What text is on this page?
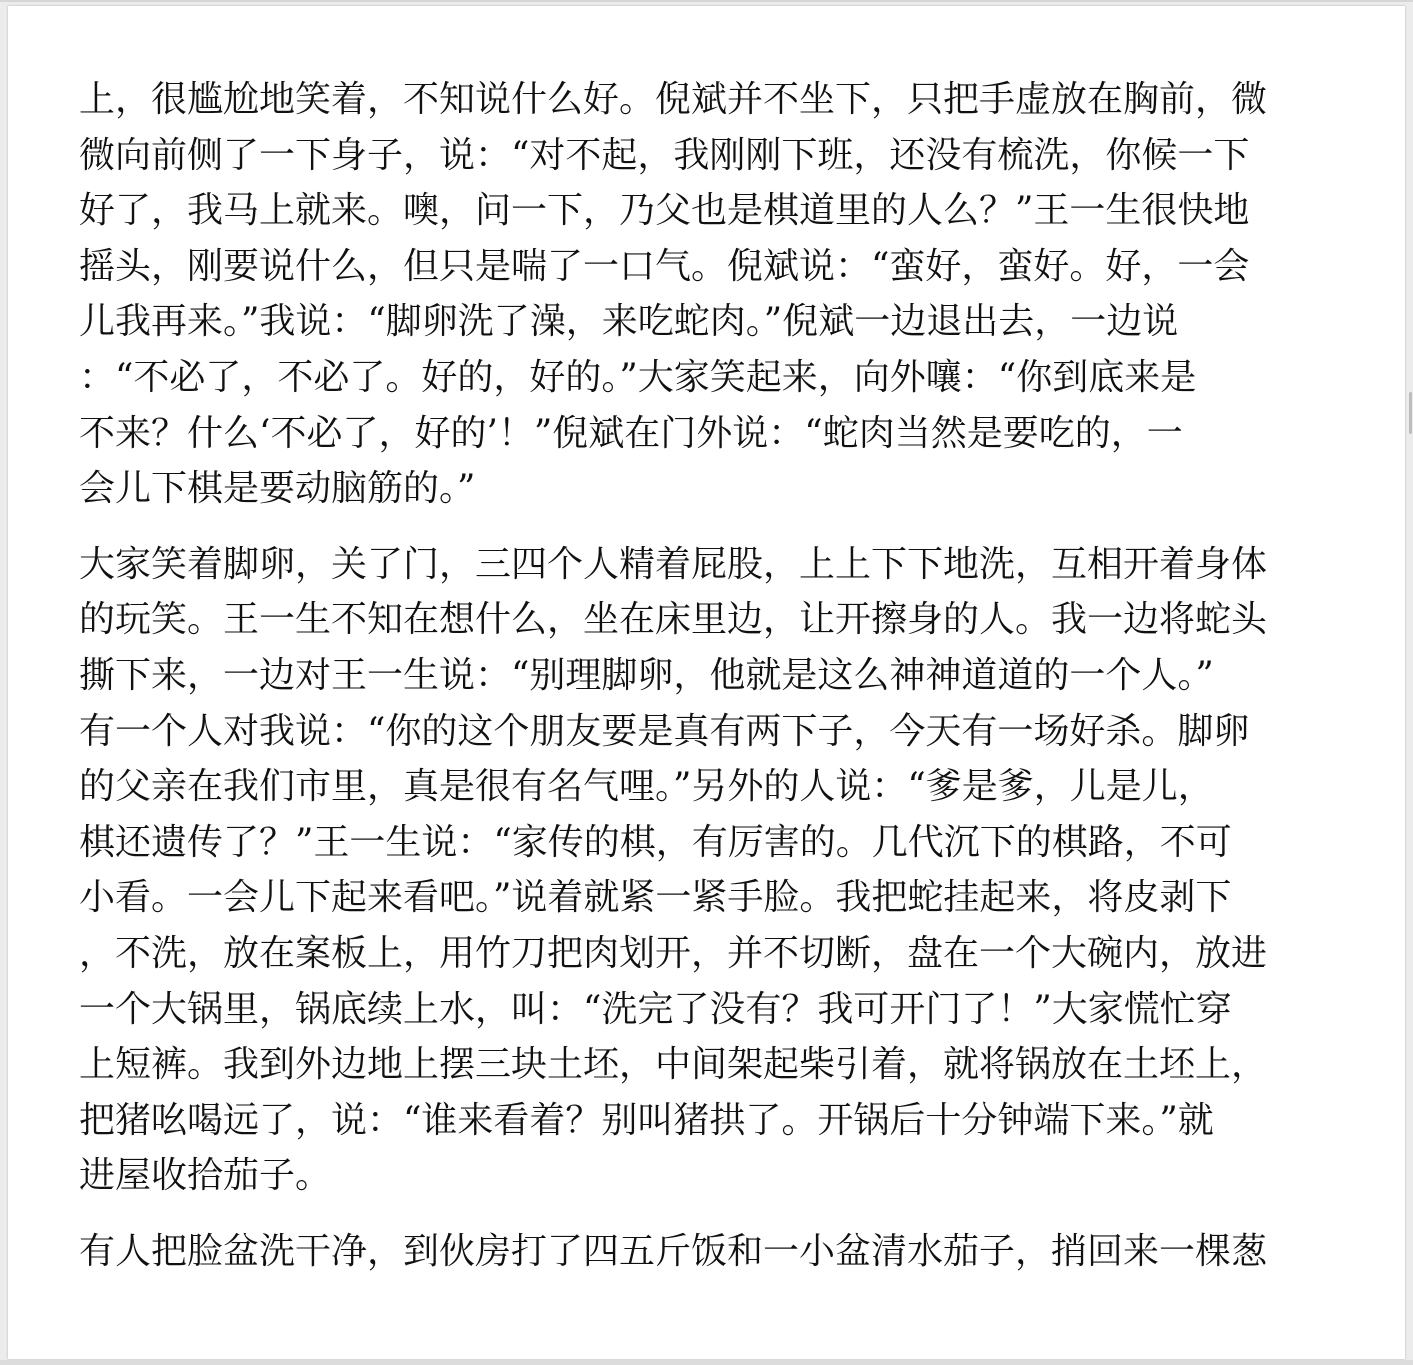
上，很尴尬地笑着，不知说什么好。倪斌并不坐下，只把手虚放在胸前，微
微向前侧了一下身子，说：“对不起，我刚刚下班，还没有梳洗，你候一下
好了，我马上就来。噢，问一下，乃父也是棋道里的人么？”王一生很快地
摇头，刚要说什么，但只是喘了一口气。倪斌说：“蛮好，蛮好。好，一会
儿我再来。”我说：“脚卵洗了澡，来吃蛇肉。”倪斌一边退出去，一边说
：“不必了，不必了。好的，好的。”大家笑起来，向外嚷：“你到底来是
不来？什么‘不必了，好的’！”倪斌在门外说：“蛇肉当然是要吃的，一
会儿下棋是要动脑筋的。”
大家笑着脚卵，关了门，三四个人精着屁股，上上下下地洗，互相开着身体
的玩笑。王一生不知在想什么，坐在床里边，让开擦身的人。我一边将蛇头
撕下来，一边对王一生说：“别理脚卵，他就是这么神神道道的一个人。”
有一个人对我说：“你的这个朋友要是真有两下子，今天有一场好杀。脚卵
的父亲在我们市里，真是很有名气哩。”另外的人说：“爹是爹，儿是儿，
棋还遗传了？”王一生说：“家传的棋，有厉害的。几代沉下的棋路，不可
小看。一会儿下起来看吧。”说着就紧一紧手脸。我把蛇挂起来，将皮剥下
，不洗，放在案板上，用竹刀把肉划开，并不切断，盘在一个大碗内，放进
一个大锅里，锅底续上水，叫：“洗完了没有？我可开门了！”大家慌忙穿
上短裤。我到外边地上摆三块土坯，中间架起柴引着，就将锅放在土坯上，
把猪吆喝远了，说：“谁来看着？别叫猪拱了。开锅后十分钟端下来。”就
进屋收拾茄子。
有人把脸盆洗干净，到伙房打了四五斤饭和一小盆清水茄子，捎回来一棵葱
